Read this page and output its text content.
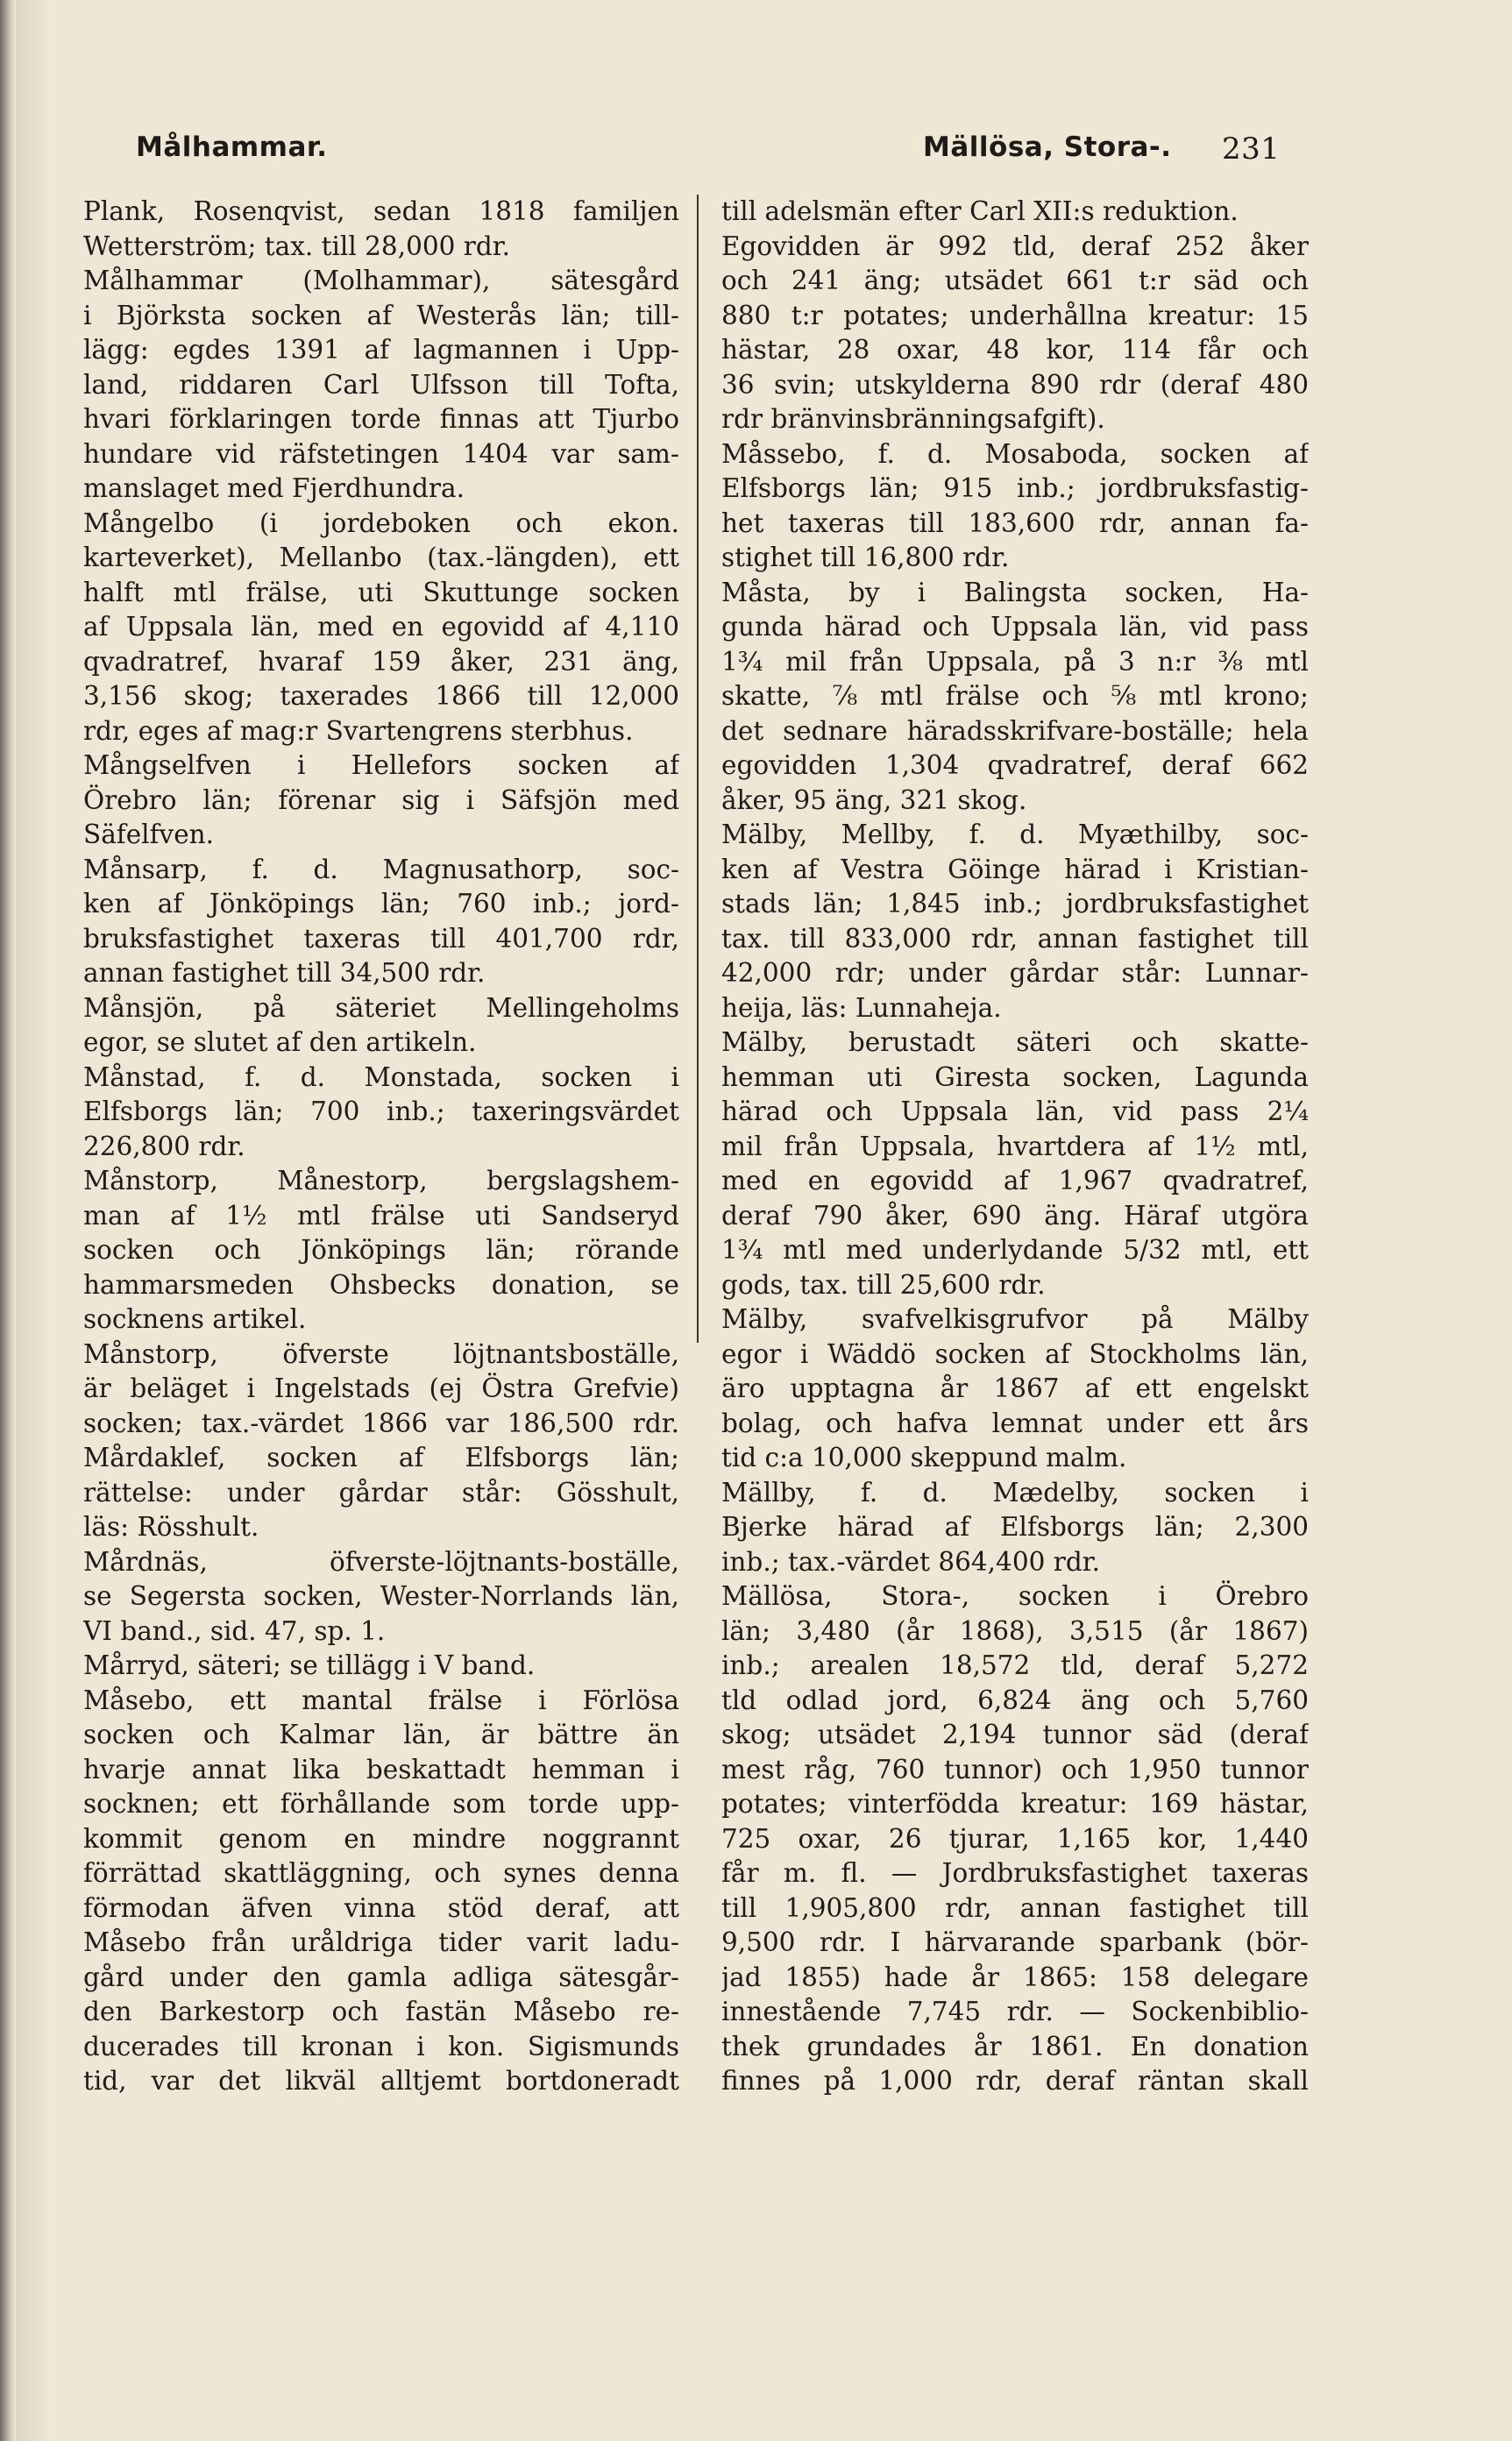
Målhammar.	Mällösa, Stora-. 231
Plank, Rosenqvist, sedan 1818 familjen
Wetterström; tax. till 28,000 rdr.
Målhammar (Molhammar), sätesgård
i Björksta socken af Westerås län; till-
lägg: egdes 1391 af lagmannen i Upp-
land, riddaren Carl Ulfsson till Tofta,
hvari förklaringen torde finnas att Tjurbo
hundare vid räfstetingen 1404 var sam-
manslaget med Fjerdhundra.
Mångelbo (i jordeboken och ekon.
karteverket), Mellanbo (tax.-längden), ett
halft mtl frälse, uti Skuttunge socken
af Uppsala län, med en egovidd af 4,110
qvadratref, hvaraf 159 åker, 231 äng,
3,156 skog; taxerades 1866 till 12,000
rdr, eges af mag:r Svartengrens sterbhus.
Mångselfven i Hellefors socken af
Örebro län; förenar sig i Säfsjön med
Säfelfven.
Månsarp, f. d. Magnusathorp, soc-
ken af Jönköpings län; 760 inb.; jord-
bruksfastighet taxeras till 401,700 rdr,
annan fastighet till 34,500 rdr.
Månsjön, på säteriet Mellingeholms
egor, se slutet af den artikeln.
Månstad, f. d. Monstada, socken i
Elfsborgs län; 700 inb.; taxeringsvärdet
226,800 rdr.
Månstorp, Månestorp, bergslagshem-
man af 1½ mtl frälse uti Sandseryd
socken och Jönköpings län; rörande
hammarsmeden Ohsbecks donation, se
socknens artikel.
Månstorp, öfverste löjtnantsboställe,
är beläget i Ingelstads (ej Östra Grefvie)
socken; tax.-värdet 1866 var 186,500 rdr.
Mårdaklef, socken af Elfsborgs län;
rättelse: under gårdar står: Gösshult,
läs: Rösshult.
Mårdnäs, öfverste-löjtnants-boställe,
se Segersta socken, Wester-Norrlands län,
VI band., sid. 47, sp. 1.
Mårryd, säteri; se tillägg i V band.
Måsebo, ett mantal frälse i Förlösa
socken och Kalmar län, är bättre än
hvarje annat lika beskattadt hemman i
socknen; ett förhållande som torde upp-
kommit genom en mindre noggrannt
förrättad skattläggning, och synes denna
förmodan äfven vinna stöd deraf, att
Måsebo från uråldriga tider varit ladu-
gård under den gamla adliga sätesgår-
den Barkestorp och fastän Måsebo re-
ducerades till kronan i kon. Sigismunds
tid, var det likväl alltjemt bortdoneradt
till adelsmän efter Carl XII:s reduktion.
Egovidden är 992 tld, deraf 252 åker
och 241 äng; utsädet 661 t:r säd och
880 t:r potates; underhållna kreatur: 15
hästar, 28 oxar, 48 kor, 114 får och
36 svin; utskylderna 890 rdr (deraf 480
rdr bränvinsbränningsafgift).
Måssebo, f. d. Mosaboda, socken af
Elfsborgs län; 915 inb.; jordbruksfastig-
het taxeras till 183,600 rdr, annan fa-
stighet till 16,800 rdr.
Måsta, by i Balingsta socken, Ha-
gunda härad och Uppsala län, vid pass
1¾ mil från Uppsala, på 3 n:r ⅜ mtl
skatte, ⅞ mtl frälse och ⅝ mtl krono;
det sednare häradsskrifvare-boställe; hela
egovidden 1,304 qvadratref, deraf 662
åker, 95 äng, 321 skog.
Mälby, Mellby, f. d. Myæthilby, soc-
ken af Vestra Göinge härad i Kristian-
stads län; 1,845 inb.; jordbruksfastighet
tax. till 833,000 rdr, annan fastighet till
42,000 rdr; under gårdar står: Lunnar-
heija, läs: Lunnaheja.
Mälby, berustadt säteri och skatte-
hemman uti Giresta socken, Lagunda
härad och Uppsala län, vid pass 2¼
mil från Uppsala, hvartdera af 1½ mtl,
med en egovidd af 1,967 qvadratref,
deraf 790 åker, 690 äng. Häraf utgöra
1¾ mtl med underlydande 5/32 mtl, ett
gods, tax. till 25,600 rdr.
Mälby, svafvelkisgrufvor på Mälby
egor i Wäddö socken af Stockholms län,
äro upptagna år 1867 af ett engelskt
bolag, och hafva lemnat under ett års
tid c:a 10,000 skeppund malm.
Mällby, f. d. Mædelby, socken i
Bjerke härad af Elfsborgs län; 2,300
inb.; tax.-värdet 864,400 rdr.
Mällösa, Stora-, socken i Örebro
län; 3,480 (år 1868), 3,515 (år 1867)
inb.; arealen 18,572 tld, deraf 5,272
tld odlad jord, 6,824 äng och 5,760
skog; utsädet 2,194 tunnor säd (deraf
mest råg, 760 tunnor) och 1,950 tunnor
potates; vinterfödda kreatur: 169 hästar,
725 oxar, 26 tjurar, 1,165 kor, 1,440
får m. fl. — Jordbruksfastighet taxeras
till 1,905,800 rdr, annan fastighet till
9,500 rdr. I härvarande sparbank (bör-
jad 1855) hade år 1865: 158 delegare
innestående 7,745 rdr. — Sockenbiblio-
thek grundades år 1861. En donation
finnes på 1,000 rdr, deraf räntan skall
